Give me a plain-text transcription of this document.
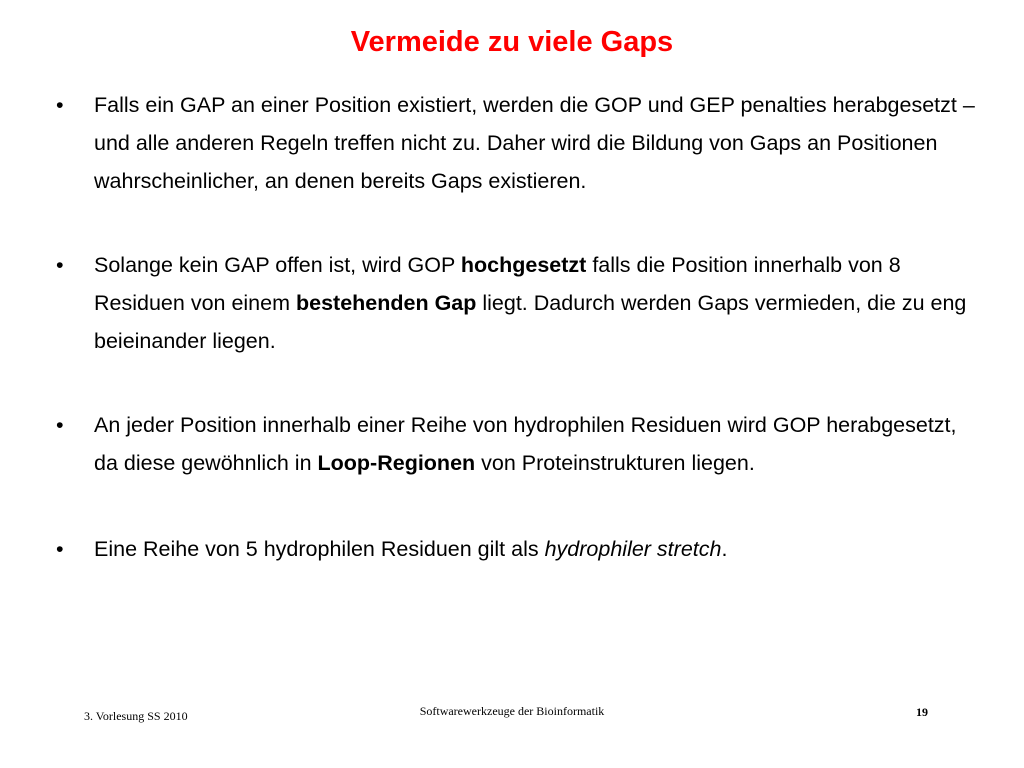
Vermeide zu viele Gaps
• Falls ein GAP an einer Position existiert, werden die GOP und GEP penalties herabgesetzt – und alle anderen Regeln treffen nicht zu. Daher wird die Bildung von Gaps an Positionen wahrscheinlicher, an denen bereits Gaps existieren.
• Solange kein GAP offen ist, wird GOP hochgesetzt falls die Position innerhalb von 8 Residuen von einem bestehenden Gap liegt. Dadurch werden Gaps vermieden, die zu eng beieinander liegen.
• An jeder Position innerhalb einer Reihe von hydrophilen Residuen wird GOP herabgesetzt, da diese gewöhnlich in Loop-Regionen von Proteinstrukturen liegen.
• Eine Reihe von 5 hydrophilen Residuen gilt als hydrophiler stretch.
3. Vorlesung SS 2010	Softwarewerkzeuge der Bioinformatik	19
